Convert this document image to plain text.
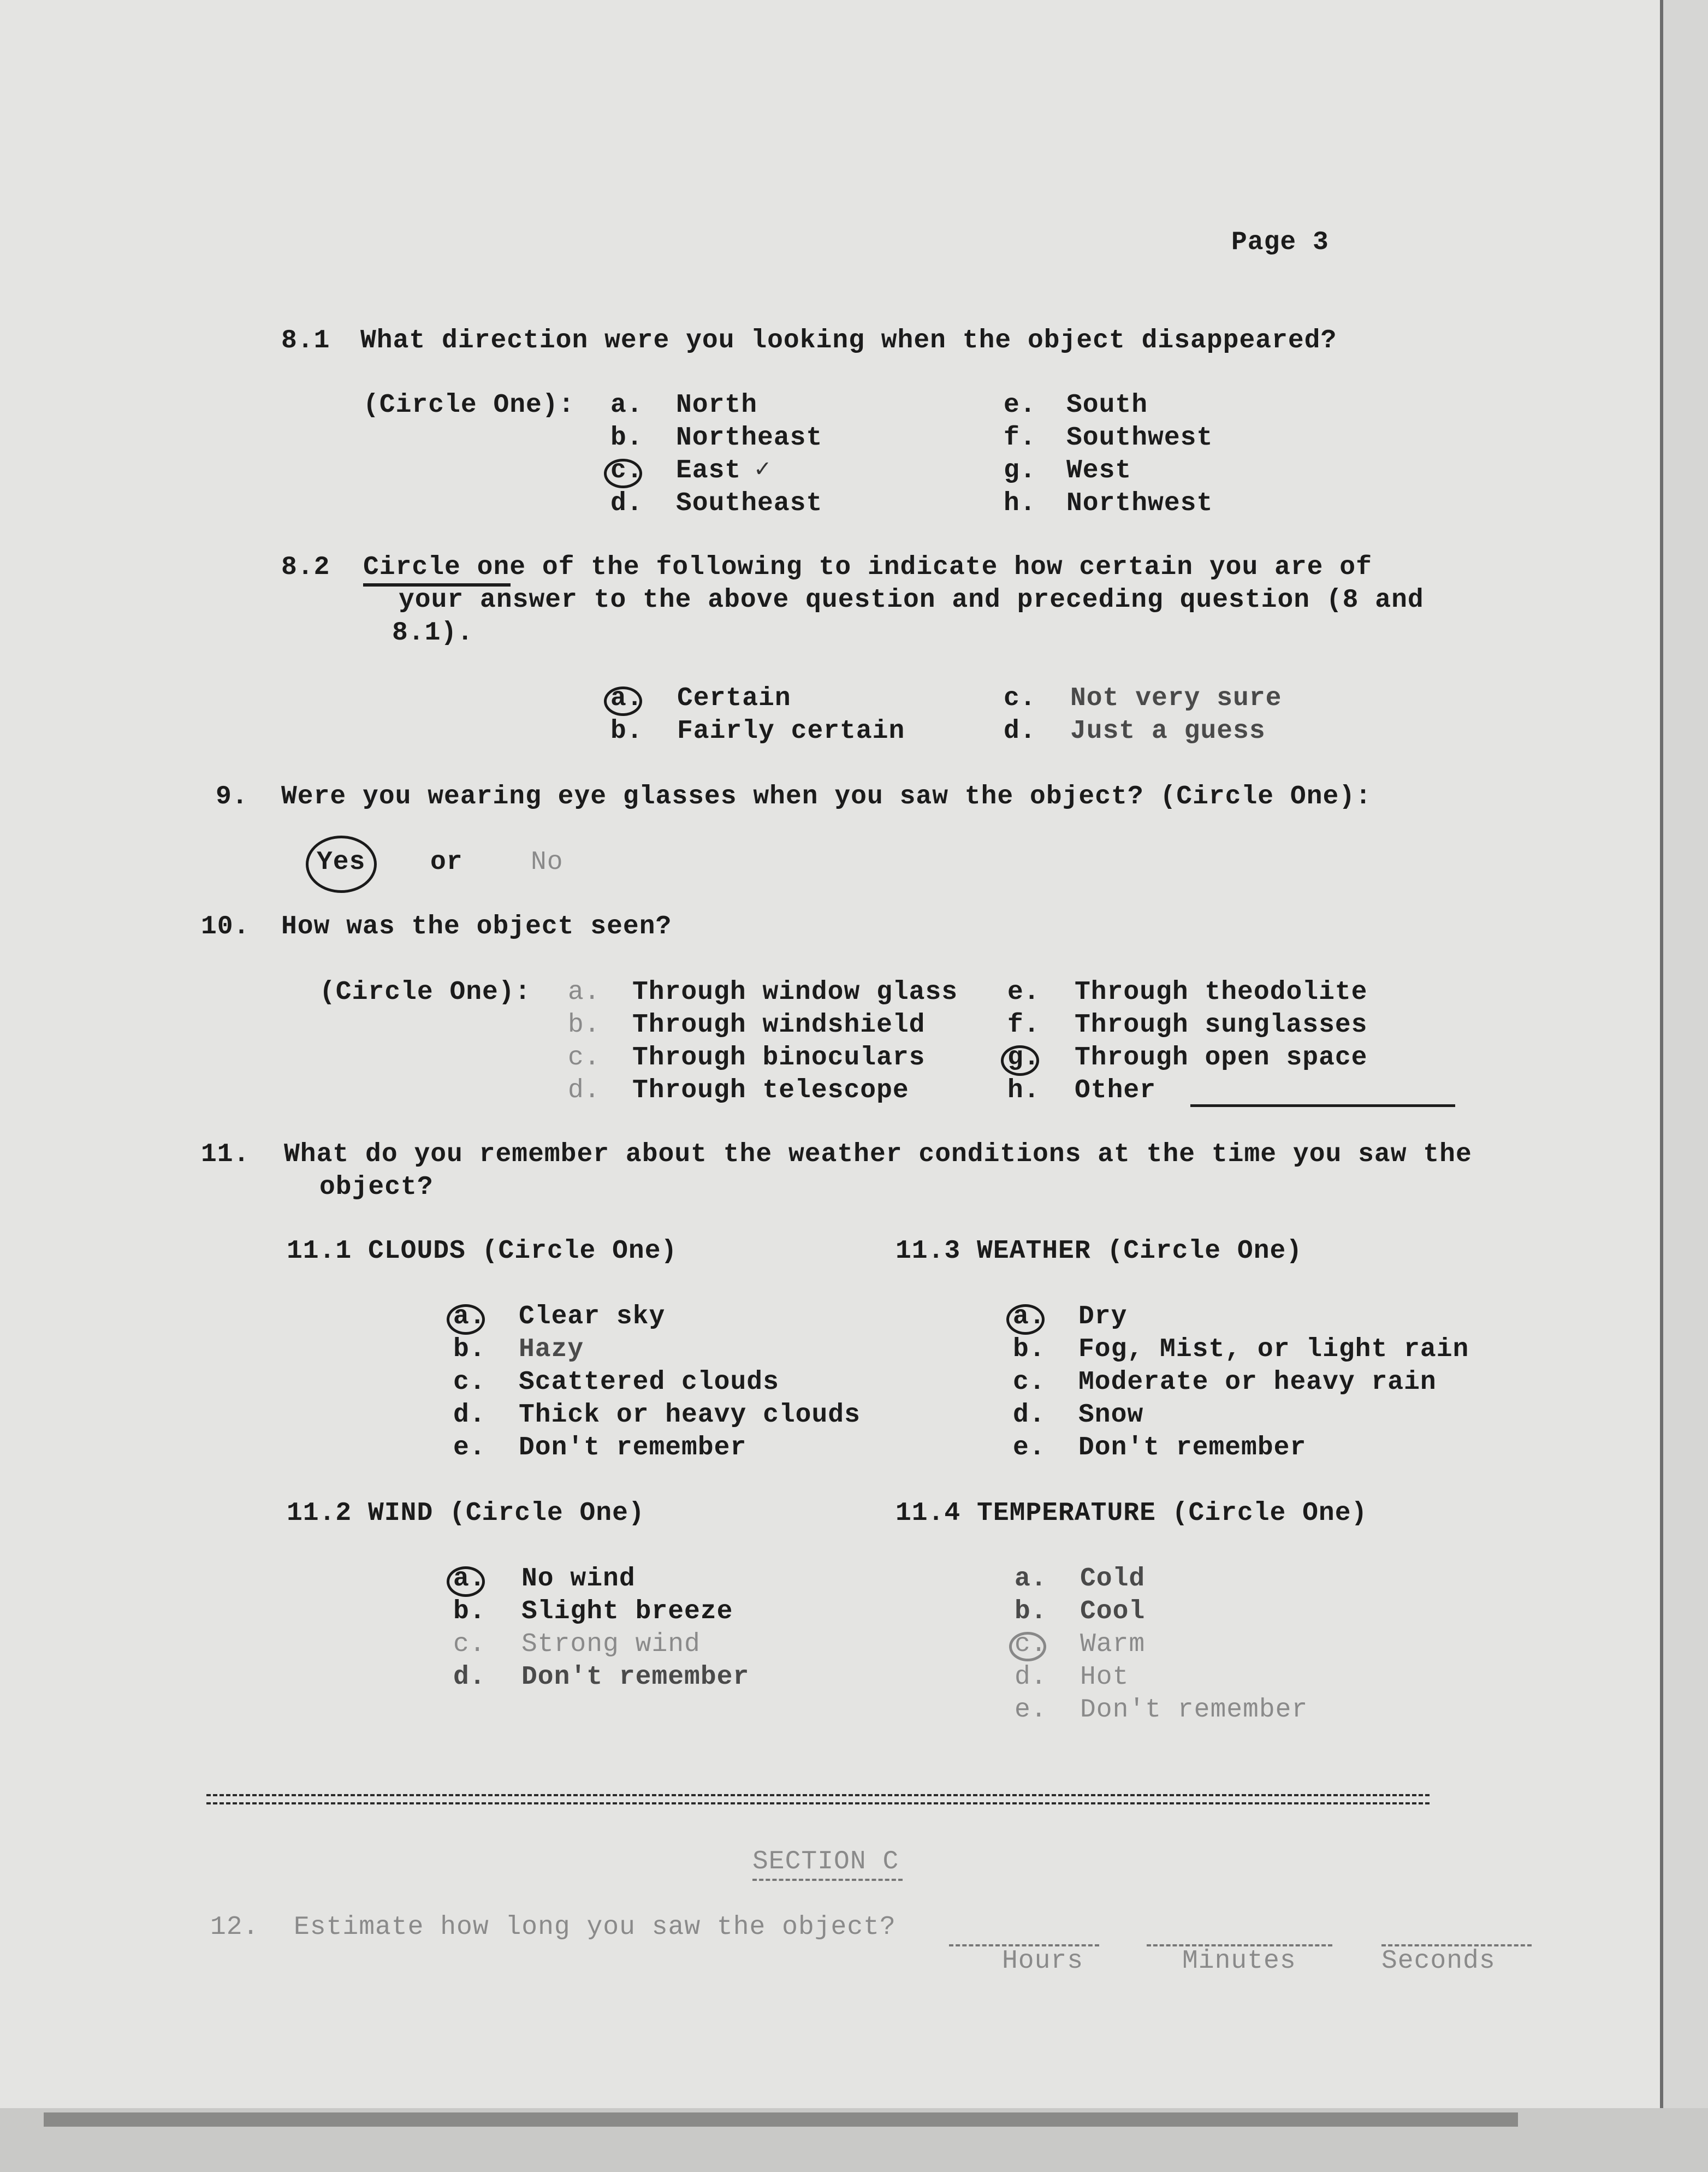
Page 3
8.1 What direction were you looking when the object disappeared?
(Circle One): a. North
b. Northeast
c. East ✓
d. Southeast
e. South
f. Southwest
g. West
h. Northwest
8.2 Circle one of the following to indicate how certain you are of
your answer to the above question and preceding question (8 and
8.1).
a. Certain
b. Fairly certain
c. Not very sure
d. Just a guess
9. Were you wearing eye glasses when you saw the object? (Circle One):
Yes or	No
10. How was the object seen?
(Circle One): a. Through window glass
b. Through windshield
c. Through binoculars
d. Through telescope
e. Through theodolite
f. Through sunglasses
g. Through open space
h. Other
11. What do you remember about the weather conditions at the time you saw the
object?
11.1 CLOUDS (Circle One)
a. Clear sky
b. Hazy
c. Scattered clouds
d. Thick or heavy clouds
e. Don't remember
11.3 WEATHER (Circle One)
a. Dry
b. Fog, Mist, or light rain
c. Moderate or heavy rain
d. Snow
e. Don't remember
11.2 WIND (Circle One)
a. No wind
b. Slight breeze
c. Strong wind
d. Don't remember
11.4 TEMPERATURE (Circle One)
a. Cold
b. Cool
c. Warm
d. Hot
e. Don't remember
SECTION C
12. Estimate how long you saw the object?
Hours	Minutes	Seconds
